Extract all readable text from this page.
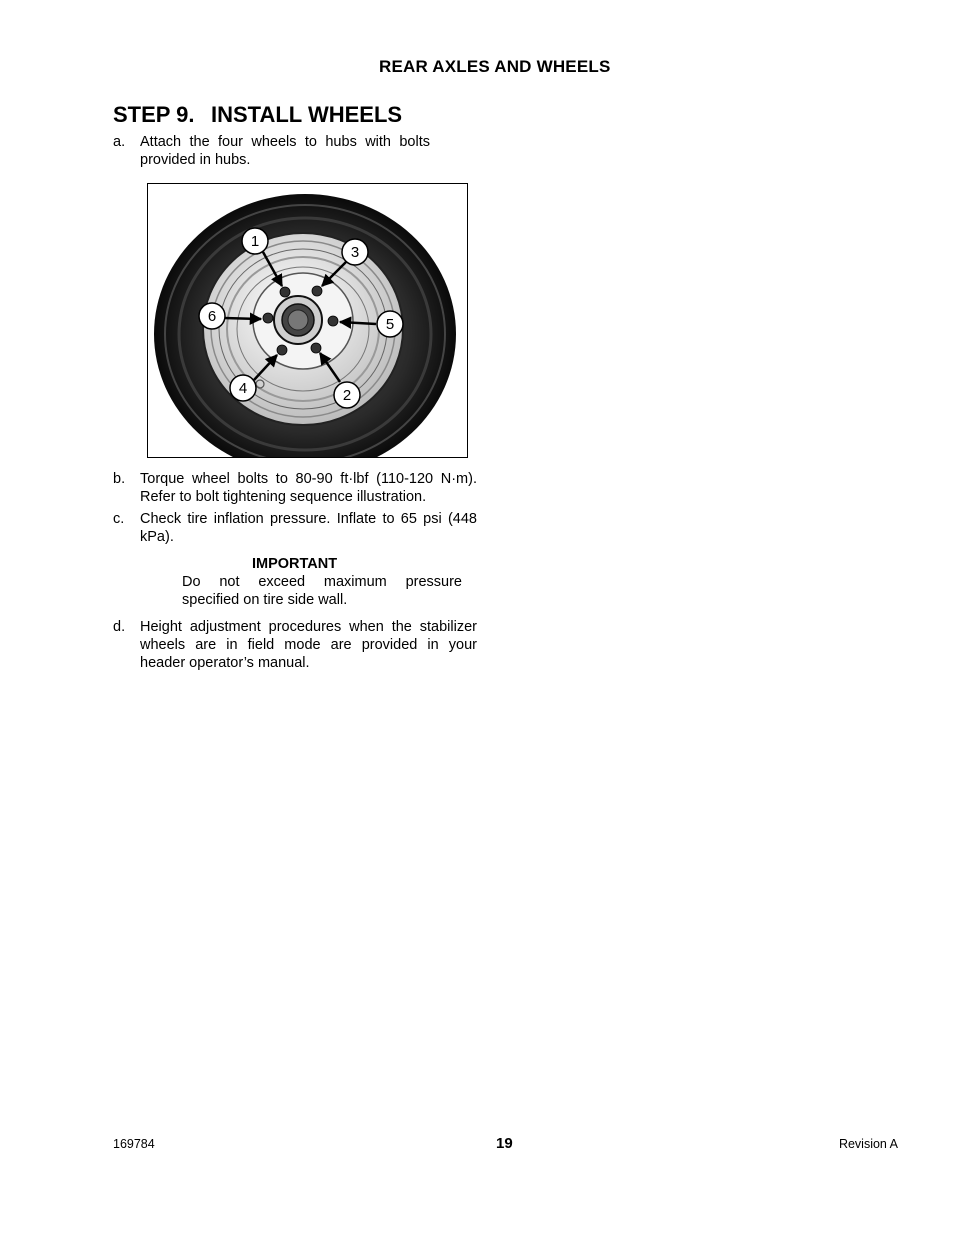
REAR AXLES AND WHEELS
STEP 9. INSTALL WHEELS
a. Attach the four wheels to hubs with bolts provided in hubs.
1
2
3
4
5
6
b. Torque wheel bolts to 80-90 ft·lbf (110-120 N·m). Refer to bolt tightening sequence illustration.
c. Check tire inflation pressure. Inflate to 65 psi (448 kPa).
IMPORTANT
Do not exceed maximum pressure specified on tire side wall.
d. Height adjustment procedures when the stabilizer wheels are in field mode are provided in your header operator’s manual.
169784	19	Revision A
